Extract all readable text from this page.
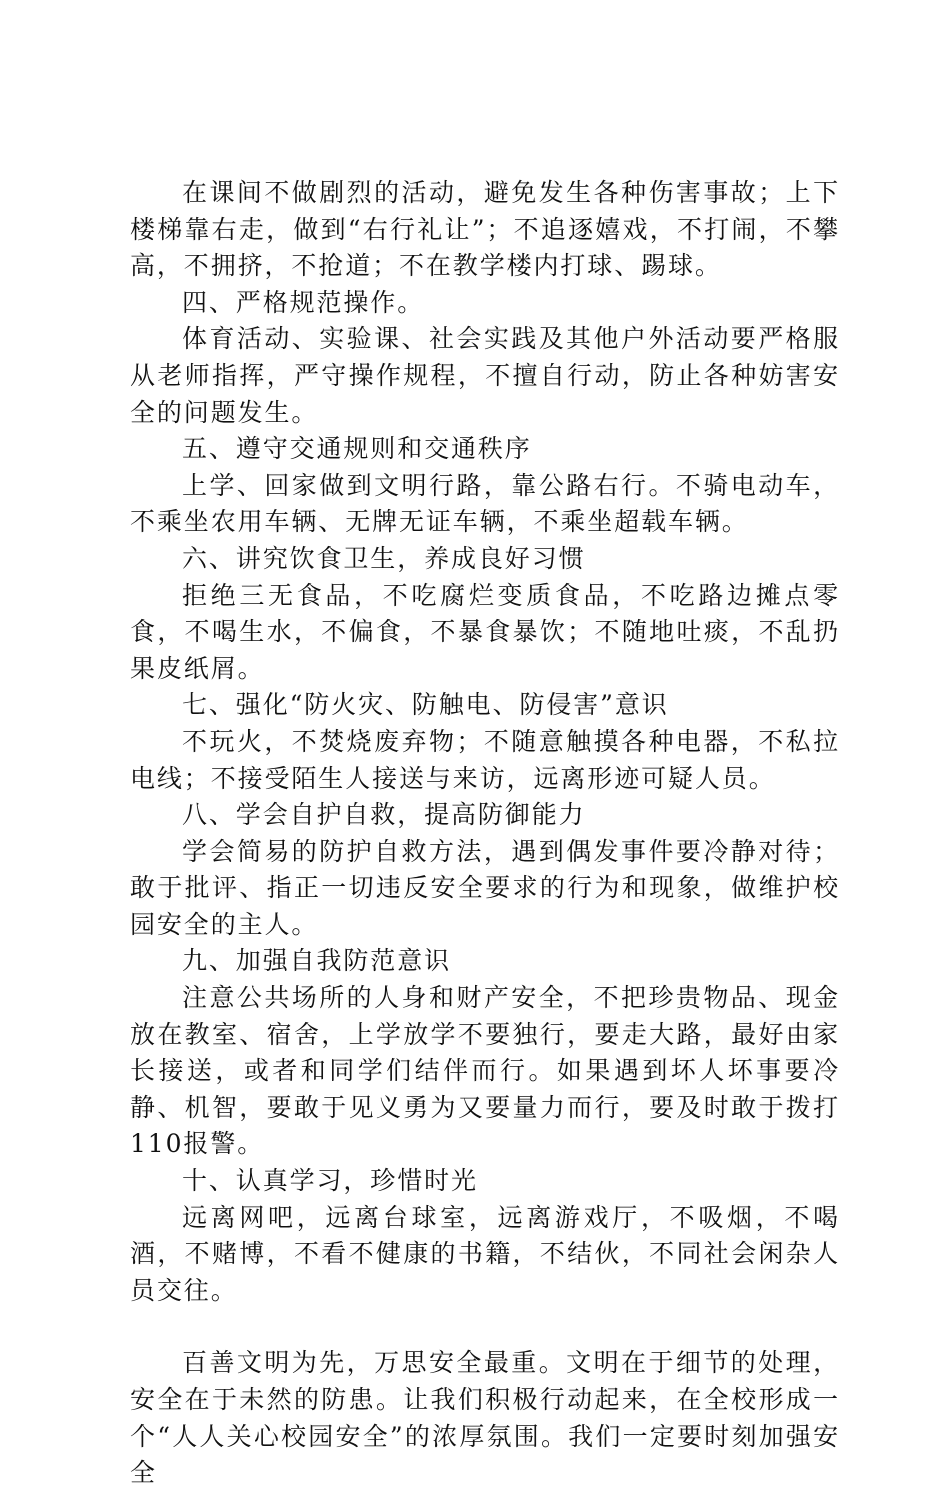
在课间不做剧烈的活动，避免发生各种伤害事故；上下楼梯靠右走，做到“右行礼让”；不追逐嬉戏，不打闹，不攀高，不拥挤，不抢道；不在教学楼内打球、踢球。

四、严格规范操作。

体育活动、实验课、社会实践及其他户外活动要严格服从老师指挥，严守操作规程，不擅自行动，防止各种妨害安全的问题发生。

五、遵守交通规则和交通秩序

上学、回家做到文明行路，靠公路右行。不骑电动车，不乘坐农用车辆、无牌无证车辆，不乘坐超载车辆。

六、讲究饮食卫生，养成良好习惯

拒绝三无食品，不吃腐烂变质食品，不吃路边摊点零食，不喝生水，不偏食，不暴食暴饮；不随地吐痰，不乱扔果皮纸屑。

七、强化“防火灾、防触电、防侵害”意识

不玩火，不焚烧废弃物；不随意触摸各种电器，不私拉电线；不接受陌生人接送与来访，远离形迹可疑人员。

八、学会自护自救，提高防御能力

学会简易的防护自救方法，遇到偶发事件要冷静对待；敢于批评、指正一切违反安全要求的行为和现象，做维护校园安全的主人。

九、加强自我防范意识

注意公共场所的人身和财产安全，不把珍贵物品、现金放在教室、宿舍，上学放学不要独行，要走大路，最好由家长接送，或者和同学们结伴而行。如果遇到坏人坏事要冷静、机智，要敢于见义勇为又要量力而行，要及时敢于拨打110报警。

十、认真学习，珍惜时光

远离网吧，远离台球室，远离游戏厅，不吸烟，不喝酒，不赌博，不看不健康的书籍，不结伙，不同社会闲杂人员交往。

百善文明为先，万思安全最重。文明在于细节的处理，安全在于未然的防患。让我们积极行动起来，在全校形成一个“人人关心校园安全”的浓厚氛围。我们一定要时刻加强安全
